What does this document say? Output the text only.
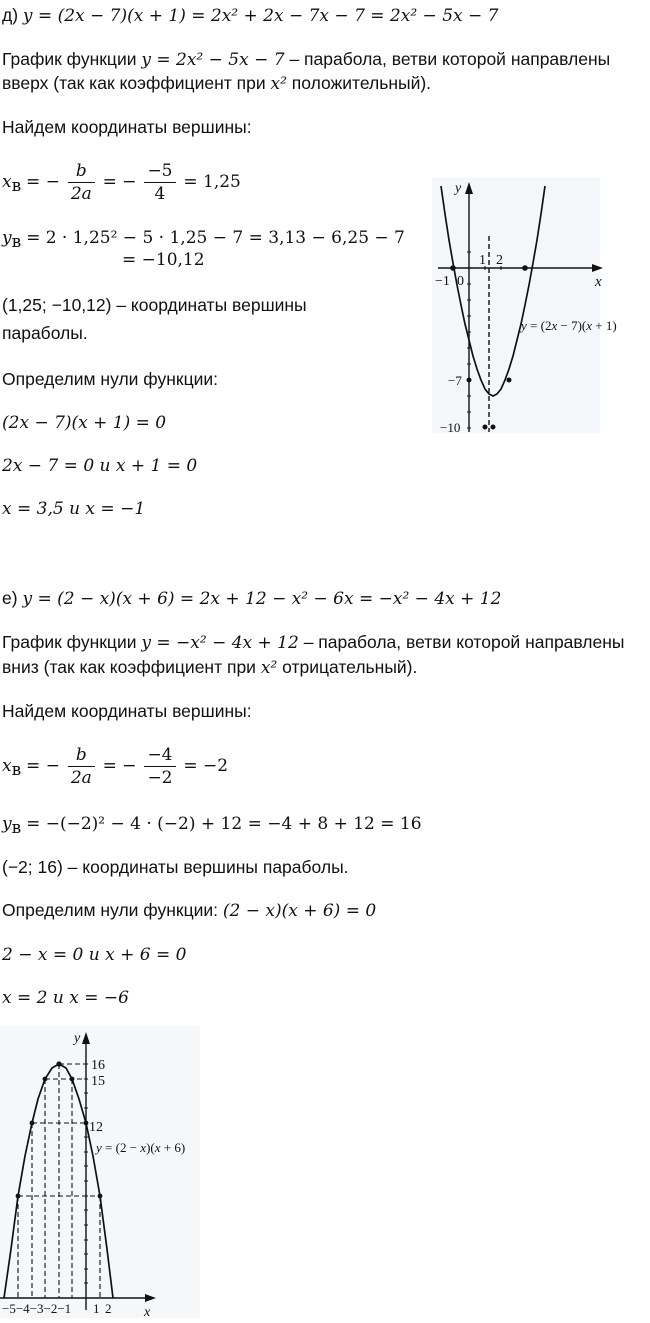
д) y = (2x − 7)(x + 1) = 2x² + 2x − 7x − 7 = 2x² − 5x − 7
График функции y = 2x² − 5x − 7 – парабола, ветви которой направлены
вверх (так как коэффициент при x² положительный).
Найдем координаты вершины:
$x_в$ = − $\frac{b}{2a}$ = − $\frac{-5}{4} = 1,25$
$y_в = 2 \cdot 1,25^2 - 5 \cdot 1,25 - 7 = 3,13 - 6,25 - 7$
= −10,12
(1,25; −10,12) – координаты вершины
параболы.
Определим нули функции:
(2x − 7)(x + 1) = 0
2x − 7 = 0 и x + 1 = 0
x = 3,5 и x = −1
y
x
−1 0
1 2
−7
−10
y = (2x − 7)(x + 1)
е) y = (2 − x)(x + 6) = 2x + 12 − x² − 6x = −x² − 4x + 12
График функции y = −x² − 4x + 12 – парабола, ветви которой направлены
вниз (так как коэффициент при x² отрицательный).
Найдем координаты вершины:
$x_в$ = − $\frac{b}{2a}$ = − $\frac{-4}{-2} = -2$
$y_в = -(-2)^2 - 4 \cdot (-2) + 12 = -4 + 8 + 12 = 16$
(−2; 16) – координаты вершины параболы.
Определим нули функции: (2 − x)(x + 6) = 0
2 − x = 0 и x + 6 = 0
x = 2 и x = −6
y
x
16
15
12
y = (2 − x)(x + 6)
−5−4−3−2−1 1 2
